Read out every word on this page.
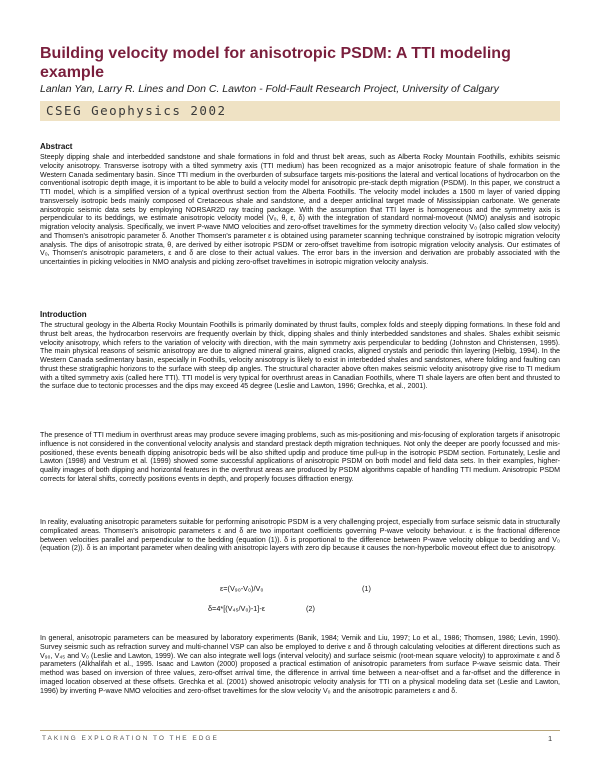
Building velocity model for anisotropic PSDM: A TTI modeling example
Lanlan Yan, Larry R. Lines and Don C. Lawton - Fold-Fault Research Project, University of Calgary
CSEG Geophysics 2002
Abstract

Steeply dipping shale and interbedded sandstone and shale formations in fold and thrust belt areas, such as Alberta Rocky Mountain Foothills, exhibits seismic velocity anisotropy. Transverse isotropy with a tilted symmetry axis (TTI medium) has been recognized as a major anisotropic feature of shale formation in the Western Canada sedimentary basin. Since TTI medium in the overburden of subsurface targets mis-positions the lateral and vertical locations of hydrocarbon on the conventional isotropic depth image, it is important to be able to build a velocity model for anisotropic pre-stack depth migration (PSDM). In this paper, we construct a TTI model, which is a simplified version of a typical overthrust section from the Alberta Foothills. The velocity model includes a 1500 m layer of varied dipping transversely isotropic beds mainly composed of Cretaceous shale and sandstone, and a deeper anticlinal target made of Mississippian carbonate. We generate anisotropic seismic data sets by employing NORSAR2D ray tracing package. With the assumption that TTI layer is homogeneous and the symmetry axis is perpendicular to its beddings, we estimate anisotropic velocity model (V₀, θ, ε, δ) with the integration of standard normal-moveout (NMO) analysis and isotropic migration velocity analysis. Specifically, we invert P-wave NMO velocities and zero-offset traveltimes for the symmetry direction velocity V₀ (also called slow velocity) and Thomsen's anisotropic parameter δ. Another Thomsen's parameter ε is obtained using parameter scanning technique constrained by isotropic migration velocity analysis. The dips of anisotropic strata, θ, are derived by either isotropic PSDM or zero-offset traveltime from isotropic migration velocity analysis. Our estimates of V₀, Thomsen's anisotropic parameters, ε and δ are close to their actual values. The error bars in the inversion and derivation are probably associated with the uncertainties in picking velocities in NMO analysis and picking zero-offset traveltimes in isotropic migration velocity analysis.

Introduction

The structural geology in the Alberta Rocky Mountain Foothills is primarily dominated by thrust faults, complex folds and steeply dipping formations. In these fold and thrust belt areas, the hydrocarbon reservoirs are frequently overlain by thick, dipping shales and thinly interbedded sandstones and shales. Shales exhibit seismic velocity anisotropy, which refers to the variation of velocity with direction, with the main symmetry axis perpendicular to bedding (Johnston and Christensen, 1995). The main physical reasons of seismic anisotropy are due to aligned mineral grains, aligned cracks, aligned crystals and periodic thin layering (Helbig, 1994). In the Western Canada sedimentary basin, especially in Foothills, velocity anisotropy is likely to exist in interbedded shales and sandstones, where folding and faulting can thrust these stratigraphic horizons to the surface with steep dip angles. The structural character above often makes seismic velocity anisotropy give rise to TI medium with a tilted symmetry axis (called here TTI). TTI model is very typical for overthrust areas in Canadian Foothills, where TI shale layers are often bent and thrusted to the surface due to tectonic processes and the dips may exceed 45 degree (Leslie and Lawton, 1996; Grechka, et al., 2001).

The presence of TTI medium in overthrust areas may produce severe imaging problems, such as mis-positioning and mis-focusing of exploration targets if anisotropic influence is not considered in the conventional velocity analysis and standard prestack depth migration techniques. Not only the deeper are poorly focussed and mis-positioned, these events beneath dipping anisotropic beds will be also shifted updip and produce time pull-up in the isotropic PSDM section. Fortunately, Leslie and Lawton (1998) and Vestrum et al. (1999) showed some successful applications of anisotropic PSDM on both model and field data sets. In their examples, higher-quality images of both dipping and horizontal features in the overthrust areas are produced by PSDM algorithms capable of handling TTI medium. Anisotropic PSDM corrects for lateral shifts, correctly positions events in depth, and properly focuses diffraction energy.

In reality, evaluating anisotropic parameters suitable for performing anisotropic PSDM is a very challenging project, especially from surface seismic data in structurally complicated areas. Thomsen's anisotropic parameters ε and δ are two important coefficients governing P-wave velocity behaviour. ε is the fractional difference between velocities parallel and perpendicular to the bedding (equation (1)). δ is proportional to the difference between P-wave velocity oblique to bedding and V₀ (equation (2)). δ is an important parameter when dealing with anisotropic layers with zero dip because it causes the non-hyperbolic moveout effect due to anisotropy.

ε=(V₉₀-V₀)/V₀	(1)
δ=4*[(V₄₅/V₀)-1]-ε	(2)

In general, anisotropic parameters can be measured by laboratory experiments (Banik, 1984; Vernik and Liu, 1997; Lo et al., 1986; Thomsen, 1986; Levin, 1990). Survey seismic such as refraction survey and multi-channel VSP can also be employed to derive ε and δ through calculating velocities at different directions such as V₉₀, V₄₅ and V₀ (Leslie and Lawton, 1999). We can also integrate well logs (interval velocity) and surface seismic (root-mean square velocity) to approximate ε and δ parameters (Alkhalifah et al., 1995. Isaac and Lawton (2000) proposed a practical estimation of anisotropic parameters from surface P-wave seismic data. Their method was based on inversion of three values, zero-offset arrival time, the difference in arrival time between a near-offset and a far-offset and the difference in imaged location observed at these offsets. Grechka et al. (2001) showed anisotropic velocity analysis for TTI on a physical modeling data set (Leslie and Lawton, 1996) by inverting P-wave NMO velocities and zero-offset traveltimes for the slow velocity V₀ and the anisotropic parameters ε and δ.

TAKING EXPLORATION TO THE EDGE	1
